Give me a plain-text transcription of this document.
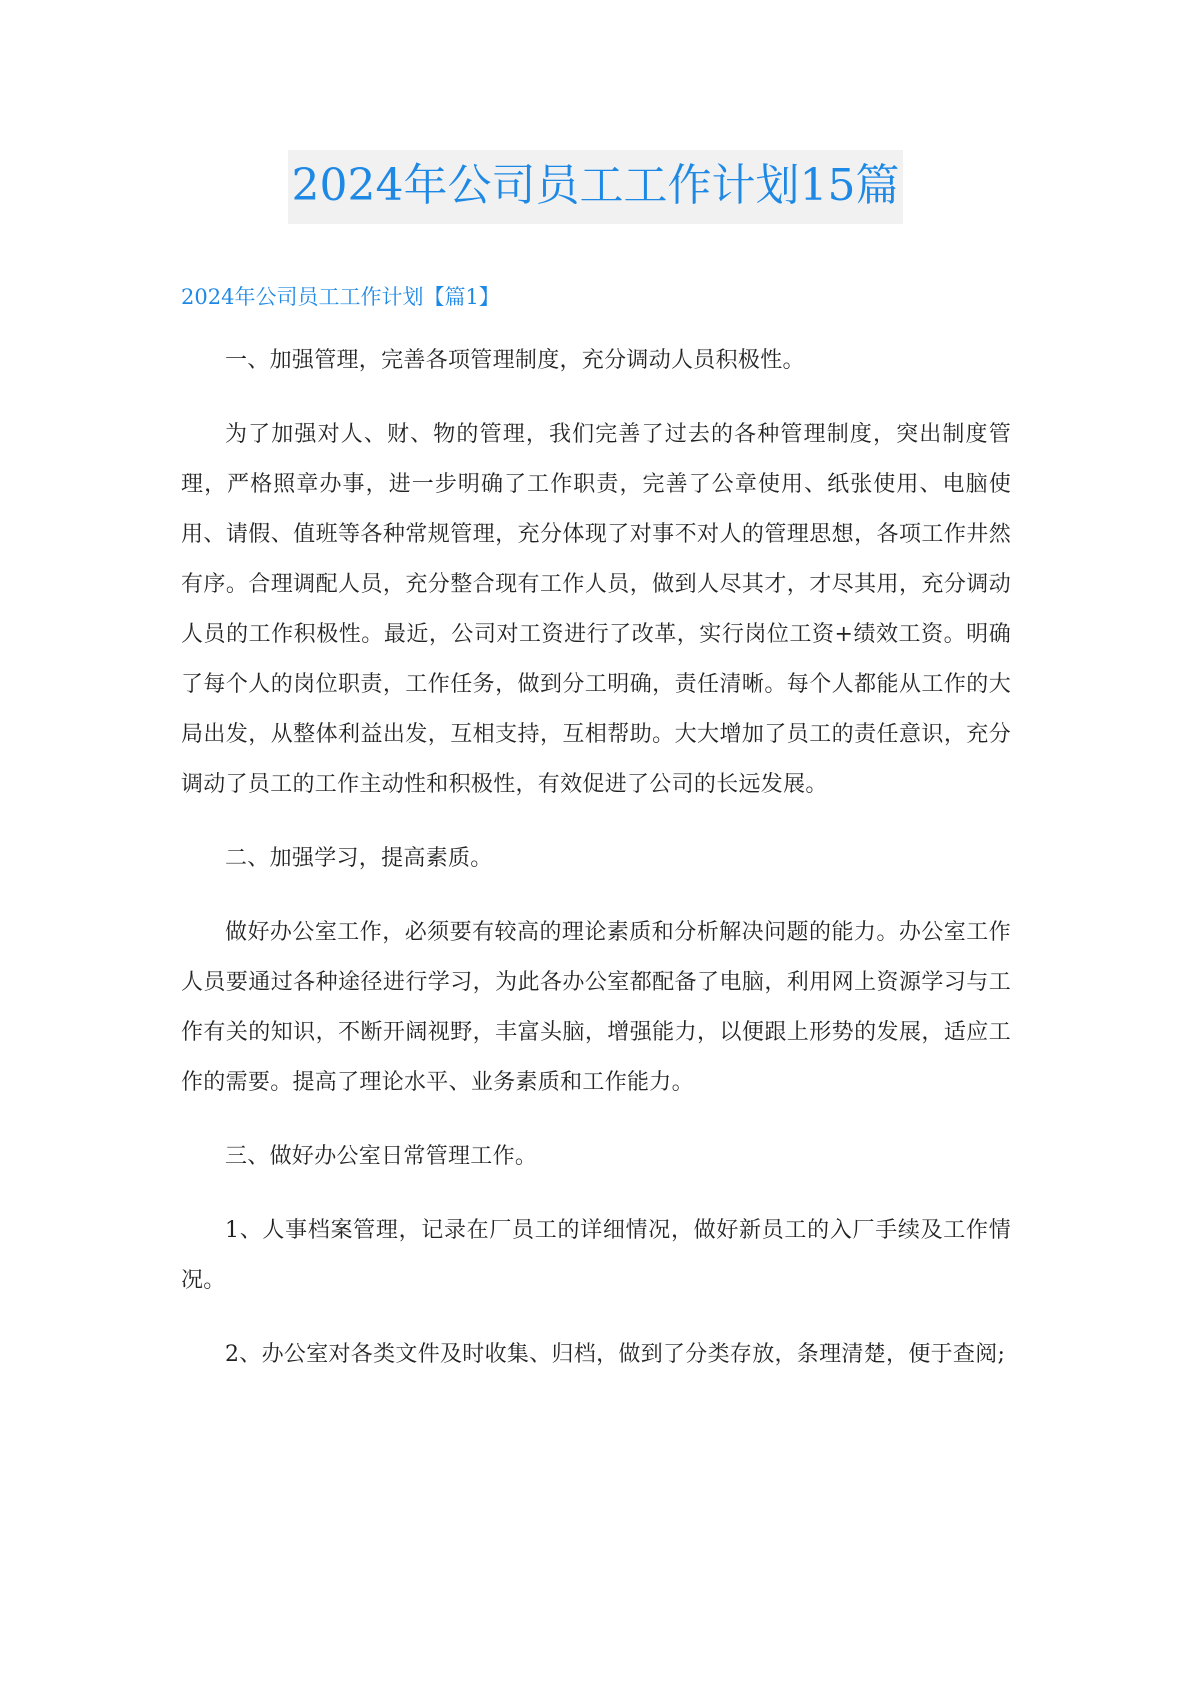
2024年公司员工工作计划15篇
2024年公司员工工作计划【篇1】

一、加强管理，完善各项管理制度，充分调动人员积极性。

为了加强对人、财、物的管理，我们完善了过去的各种管理制度，突出制度管理，严格照章办事，进一步明确了工作职责，完善了公章使用、纸张使用、电脑使用、请假、值班等各种常规管理，充分体现了对事不对人的管理思想，各项工作井然有序。合理调配人员，充分整合现有工作人员，做到人尽其才，才尽其用，充分调动人员的工作积极性。最近，公司对工资进行了改革，实行岗位工资+绩效工资。明确了每个人的岗位职责，工作任务，做到分工明确，责任清晰。每个人都能从工作的大局出发，从整体利益出发，互相支持，互相帮助。大大增加了员工的责任意识，充分调动了员工的工作主动性和积极性，有效促进了公司的长远发展。

二、加强学习，提高素质。

做好办公室工作，必须要有较高的理论素质和分析解决问题的能力。办公室工作人员要通过各种途径进行学习，为此各办公室都配备了电脑，利用网上资源学习与工作有关的知识，不断开阔视野，丰富头脑，增强能力，以便跟上形势的发展，适应工作的需要。提高了理论水平、业务素质和工作能力。

三、做好办公室日常管理工作。

1、人事档案管理，记录在厂员工的详细情况，做好新员工的入厂手续及工作情况。

2、办公室对各类文件及时收集、归档，做到了分类存放，条理清楚，便于查阅;
